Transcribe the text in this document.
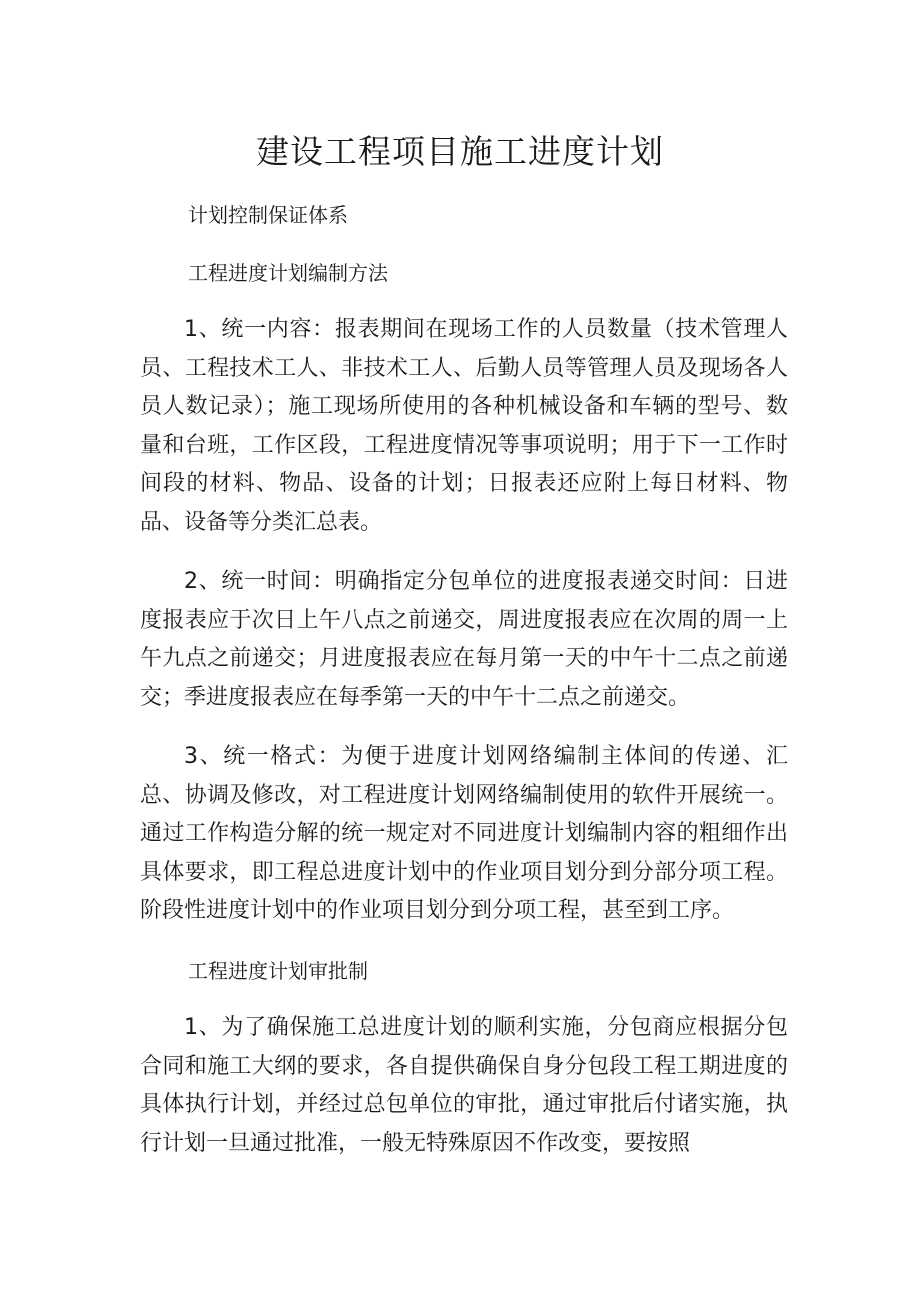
建设工程项目施工进度计划

计划控制保证体系

工程进度计划编制方法

1、统一内容：报表期间在现场工作的人员数量（技术管理人员、工程技术工人、非技术工人、后勤人员等管理人员及现场各人员人数记录）；施工现场所使用的各种机械设备和车辆的型号、数量和台班，工作区段，工程进度情况等事项说明；用于下一工作时间段的材料、物品、设备的计划；日报表还应附上每日材料、物品、设备等分类汇总表。

2、统一时间：明确指定分包单位的进度报表递交时间：日进度报表应于次日上午八点之前递交，周进度报表应在次周的周一上午九点之前递交；月进度报表应在每月第一天的中午十二点之前递交；季进度报表应在每季第一天的中午十二点之前递交。

3、统一格式：为便于进度计划网络编制主体间的传递、汇总、协调及修改，对工程进度计划网络编制使用的软件开展统一。通过工作构造分解的统一规定对不同进度计划编制内容的粗细作出具体要求，即工程总进度计划中的作业项目划分到分部分项工程。阶段性进度计划中的作业项目划分到分项工程，甚至到工序。

工程进度计划审批制

1、为了确保施工总进度计划的顺利实施，分包商应根据分包合同和施工大纲的要求，各自提供确保自身分包段工程工期进度的具体执行计划，并经过总包单位的审批，通过审批后付诸实施，执行计划一旦通过批准，一般无特殊原因不作改变，要按照
